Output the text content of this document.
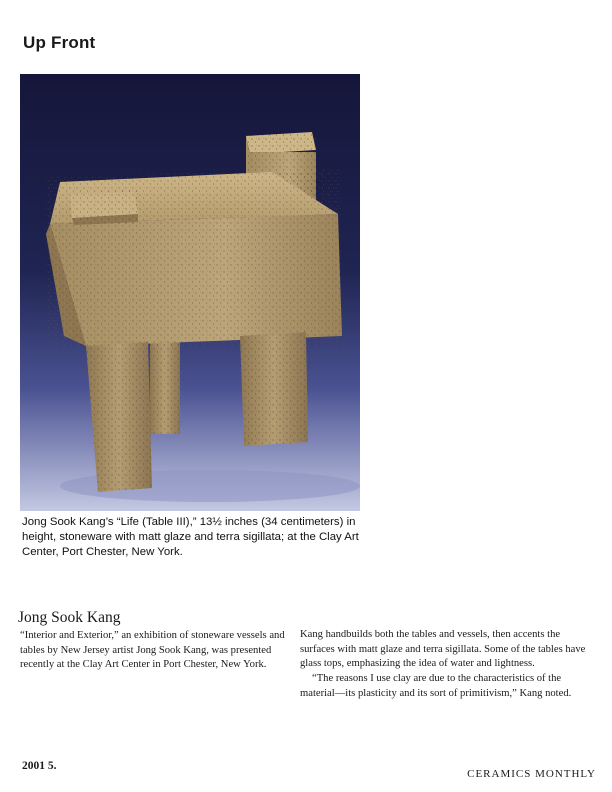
Up Front

Jong Sook Kang’s “Life (Table III),” 13½ inches (34 centimeters) in height, stoneware with matt glaze and terra sigillata; at the Clay Art Center, Port Chester, New York.

Jong Sook Kang

“Interior and Exterior,” an exhibition of stoneware vessels and tables by New Jersey artist Jong Sook Kang, was presented recently at the Clay Art Center in Port Chester, New York.

Kang handbuilds both the tables and vessels, then accents the surfaces with matt glaze and terra sigillata. Some of the tables have glass tops, emphasizing the idea of water and lightness.

“The reasons I use clay are due to the characteristics of the material—its plasticity and its sort of primitivism,” Kang noted.

2001 5.

CERAMICS MONTHLY
